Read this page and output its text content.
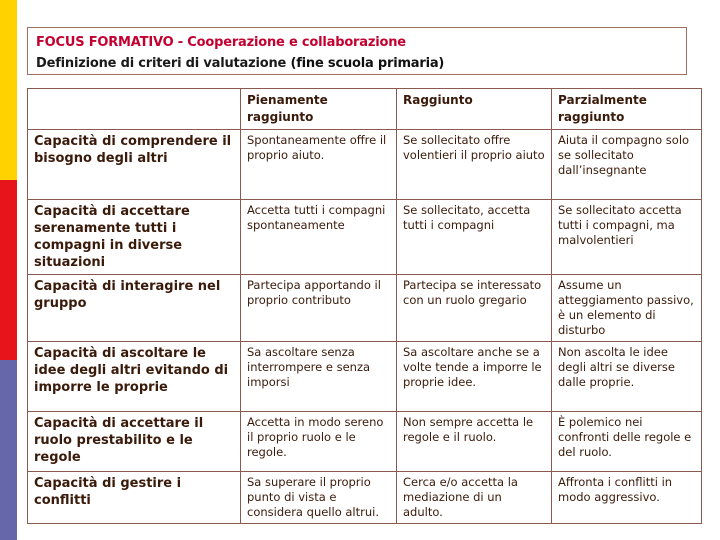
FOCUS FORMATIVO - Cooperazione e collaborazione
Definizione di criteri di valutazione (fine scuola primaria)
	Pienamente raggiunto	Raggiunto	Parzialmente raggiunto
Capacità di comprendere il bisogno degli altri	Spontaneamente offre il proprio aiuto.	Se sollecitato offre volentieri il proprio aiuto	Aiuta il compagno solo se sollecitato dall’insegnante
Capacità di accettare serenamente tutti i compagni in diverse situazioni	Accetta tutti i compagni spontaneamente	Se sollecitato, accetta tutti i compagni	Se sollecitato accetta tutti i compagni, ma malvolentieri
Capacità di interagire nel gruppo	Partecipa apportando il proprio contributo	Partecipa se interessato con un ruolo gregario	Assume un atteggiamento passivo, è un elemento di disturbo
Capacità di ascoltare le idee degli altri evitando di imporre le proprie	Sa ascoltare senza interrompere e senza imporsi	Sa ascoltare anche se a volte tende a imporre le proprie idee.	Non ascolta le idee degli altri se diverse dalle proprie.
Capacità di accettare il ruolo prestabilito e le regole	Accetta in modo sereno il proprio ruolo e le regole.	Non sempre accetta le regole e il ruolo.	È polemico nei confronti delle regole e del ruolo.
Capacità di gestire i conflitti	Sa superare il proprio punto di vista e considera quello altrui.	Cerca e/o accetta la mediazione di un adulto.	Affronta i conflitti in modo aggressivo.
